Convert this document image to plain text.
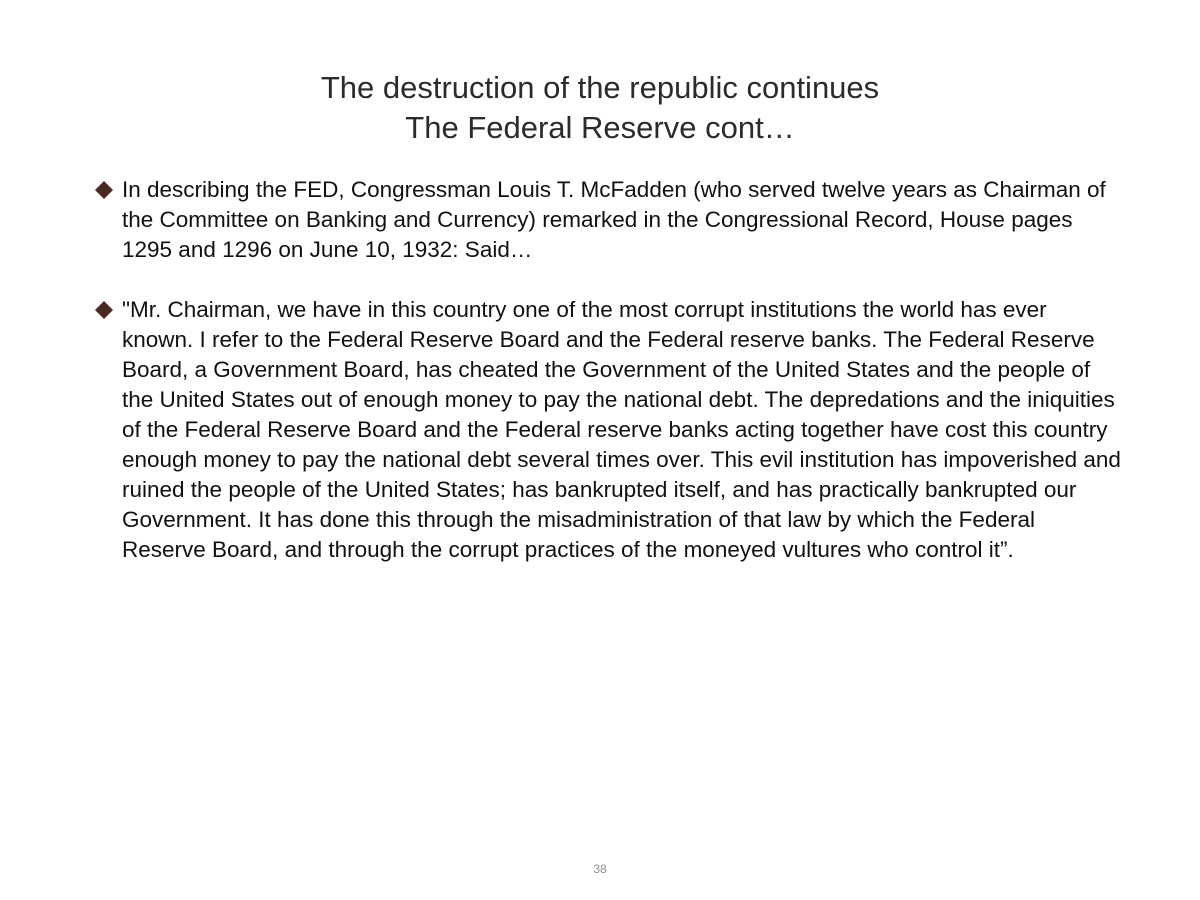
The destruction of the republic continues
The Federal Reserve cont…
In describing the FED, Congressman Louis T. McFadden (who served twelve years as Chairman of the Committee on Banking and Currency) remarked in the Congressional Record, House pages 1295 and 1296 on June 10, 1932: Said…
"Mr. Chairman, we have in this country one of the most corrupt institutions the world has ever known. I refer to the Federal Reserve Board and the Federal reserve banks. The Federal Reserve Board, a Government Board, has cheated the Government of the United States and the people of the United States out of enough money to pay the national debt. The depredations and the iniquities of the Federal Reserve Board and the Federal reserve banks acting together have cost this country enough money to pay the national debt several times over. This evil institution has impoverished and ruined the people of the United States; has bankrupted itself, and has practically bankrupted our Government. It has done this through the misadministration of that law by which the Federal Reserve Board, and through the corrupt practices of the moneyed vultures who control it”.
38
